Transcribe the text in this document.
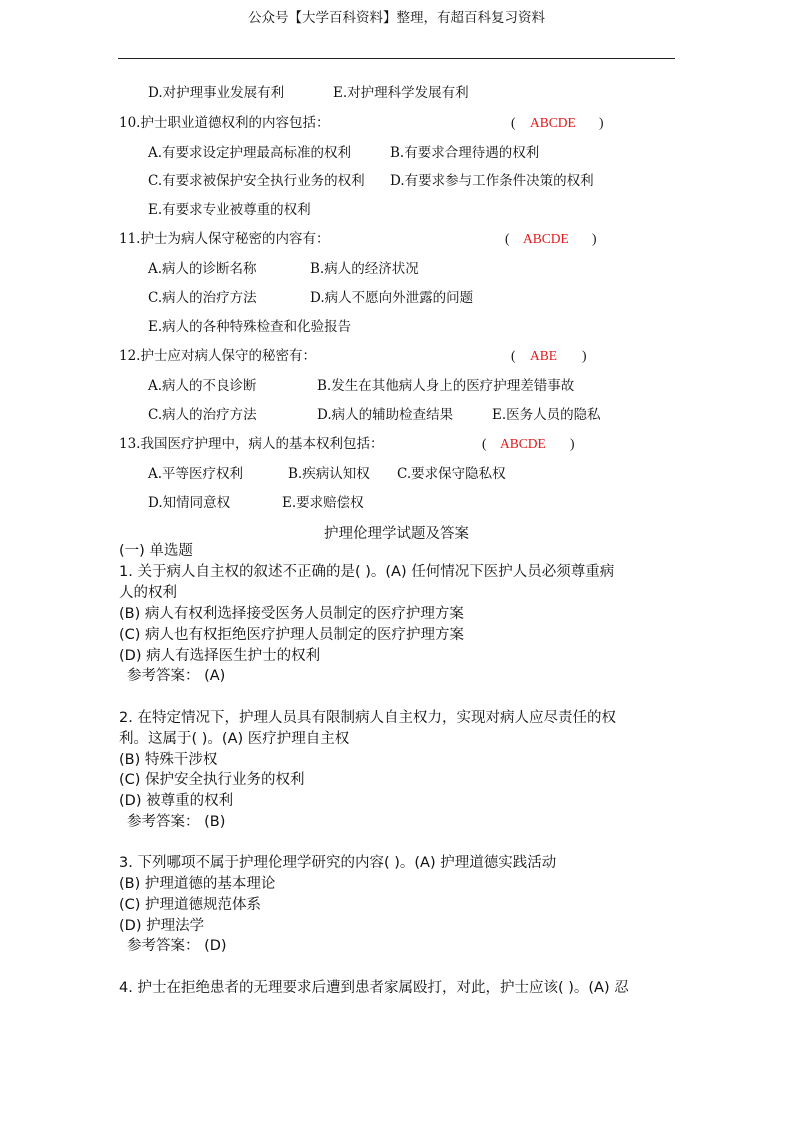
公众号【大学百科资料】整理，有超百科复习资料
D.对护理事业发展有利	E.对护理科学发展有利
10.护士职业道德权利的内容包括：	( ABCDE )
A.有要求设定护理最高标准的权利	B.有要求合理待遇的权利
C.有要求被保护安全执行业务的权利 D.有要求参与工作条件决策的权利
E.有要求专业被尊重的权利
11.护士为病人保守秘密的内容有：	( ABCDE )
A.病人的诊断名称	B.病人的经济状况
C.病人的治疗方法	D.病人不愿向外泄露的问题
E.病人的各种特殊检查和化验报告
12.护士应对病人保守的秘密有：	( ABE )
A.病人的不良诊断	B.发生在其他病人身上的医疗护理差错事故
C.病人的治疗方法	D.病人的辅助检查结果	E.医务人员的隐私
13.我国医疗护理中，病人的基本权利包括：	( ABCDE )
A.平等医疗权利	B.疾病认知权 C.要求保守隐私权
D.知情同意权	E.要求赔偿权
护理伦理学试题及答案
(一) 单选题
1. 关于病人自主权的叙述不正确的是( )。(A) 任何情况下医护人员必须尊重病
人的权利
(B) 病人有权利选择接受医务人员制定的医疗护理方案
(C) 病人也有权拒绝医疗护理人员制定的医疗护理方案
(D) 病人有选择医生护士的权利
参考答案： (A)
2. 在特定情况下，护理人员具有限制病人自主权力，实现对病人应尽责任的权
利。这属于( )。(A) 医疗护理自主权
(B) 特殊干涉权
(C) 保护安全执行业务的权利
(D) 被尊重的权利
参考答案： (B)
3. 下列哪项不属于护理伦理学研究的内容( )。(A) 护理道德实践活动
(B) 护理道德的基本理论
(C) 护理道德规范体系
(D) 护理法学
参考答案： (D)
4. 护士在拒绝患者的无理要求后遭到患者家属殴打，对此，护士应该( )。(A) 忍
